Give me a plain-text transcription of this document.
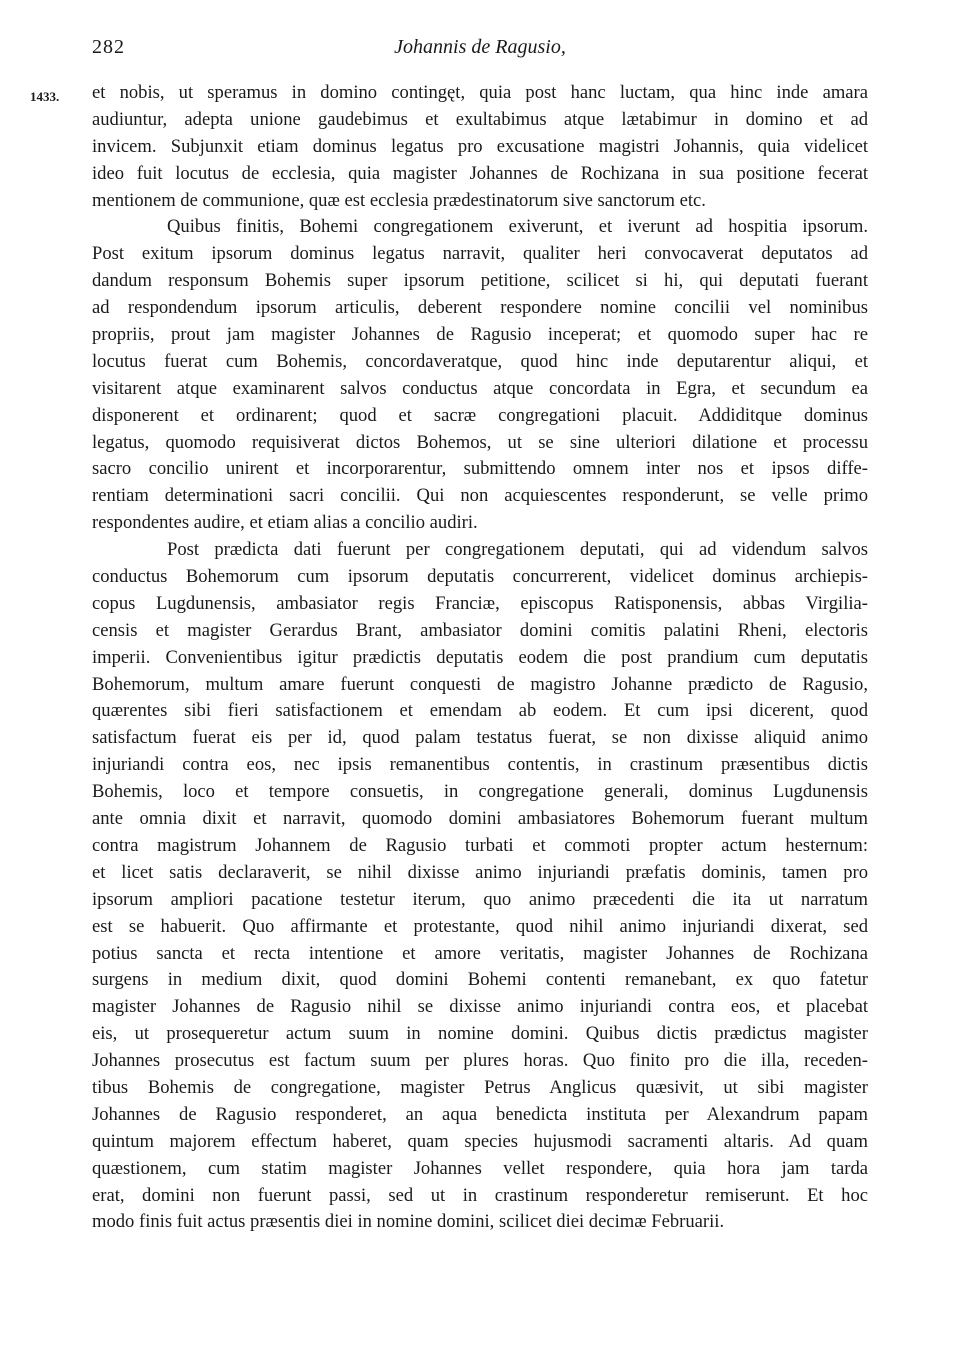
282	Johannis de Ragusio,
1433. et nobis, ut speramus in domino contingęt, quia post hanc luctam, qua hinc inde amara
audiuntur, adepta unione gaudebimus et exultabimus atque lætabimur in domino et ad
invicem. Subjunxit etiam dominus legatus pro excusatione magistri Johannis, quia videlicet
ideo fuit locutus de ecclesia, quia magister Johannes de Rochizana in sua positione fecerat
mentionem de communione, quæ est ecclesia prædestinatorum sive sanctorum etc.
Quibus finitis, Bohemi congregationem exiverunt, et iverunt ad hospitia ipsorum.
Post exitum ipsorum dominus legatus narravit, qualiter heri convocaverat deputatos ad
dandum responsum Bohemis super ipsorum petitione, scilicet si hi, qui deputati fuerant
ad respondendum ipsorum articulis, deberent respondere nomine concilii vel nominibus
propriis, prout jam magister Johannes de Ragusio inceperat; et quomodo super hac re
locutus fuerat cum Bohemis, concordaveratque, quod hinc inde deputarentur aliqui, et
visitarent atque examinarent salvos conductus atque concordata in Egra, et secundum ea
disponerent et ordinarent; quod et sacræ congregationi placuit. Addiditque dominus
legatus, quomodo requisiverat dictos Bohemos, ut se sine ulteriori dilatione et processu
sacro concilio unirent et incorporarentur, submittendo omnem inter nos et ipsos diffe-
rentiam determinationi sacri concilii. Qui non acquiescentes responderunt, se velle primo
respondentes audire, et etiam alias a concilio audiri.
Post prædicta dati fuerunt per congregationem deputati, qui ad videndum salvos
conductus Bohemorum cum ipsorum deputatis concurrerent, videlicet dominus archiepis-
copus Lugdunensis, ambasiator regis Franciæ, episcopus Ratisponensis, abbas Virgilia-
censis et magister Gerardus Brant, ambasiator domini comitis palatini Rheni, electoris
imperii. Convenientibus igitur prædictis deputatis eodem die post prandium cum deputatis
Bohemorum, multum amare fuerunt conquesti de magistro Johanne prædicto de Ragusio,
quærentes sibi fieri satisfactionem et emendam ab eodem. Et cum ipsi dicerent, quod
satisfactum fuerat eis per id, quod palam testatus fuerat, se non dixisse aliquid animo
injuriandi contra eos, nec ipsis remanentibus contentis, in crastinum præsentibus dictis
Bohemis, loco et tempore consuetis, in congregatione generali, dominus Lugdunensis
ante omnia dixit et narravit, quomodo domini ambasiatores Bohemorum fuerant multum
contra magistrum Johannem de Ragusio turbati et commoti propter actum hesternum:
et licet satis declaraverit, se nihil dixisse animo injuriandi præfatis dominis, tamen pro
ipsorum ampliori pacatione testetur iterum, quo animo præcedenti die ita ut narratum
est se habuerit. Quo affirmante et protestante, quod nihil animo injuriandi dixerat, sed
potius sancta et recta intentione et amore veritatis, magister Johannes de Rochizana
surgens in medium dixit, quod domini Bohemi contenti remanebant, ex quo fatetur
magister Johannes de Ragusio nihil se dixisse animo injuriandi contra eos, et placebat
eis, ut prosequeretur actum suum in nomine domini. Quibus dictis prædictus magister
Johannes prosecutus est factum suum per plures horas. Quo finito pro die illa, receden-
tibus Bohemis de congregatione, magister Petrus Anglicus quæsivit, ut sibi magister
Johannes de Ragusio responderet, an aqua benedicta instituta per Alexandrum papam
quintum majorem effectum haberet, quam species hujusmodi sacramenti altaris. Ad quam
quæstionem, cum statim magister Johannes vellet respondere, quia hora jam tarda
erat, domini non fuerunt passi, sed ut in crastinum responderetur remiserunt. Et hoc
modo finis fuit actus præsentis diei in nomine domini, scilicet diei decimæ Februarii.
